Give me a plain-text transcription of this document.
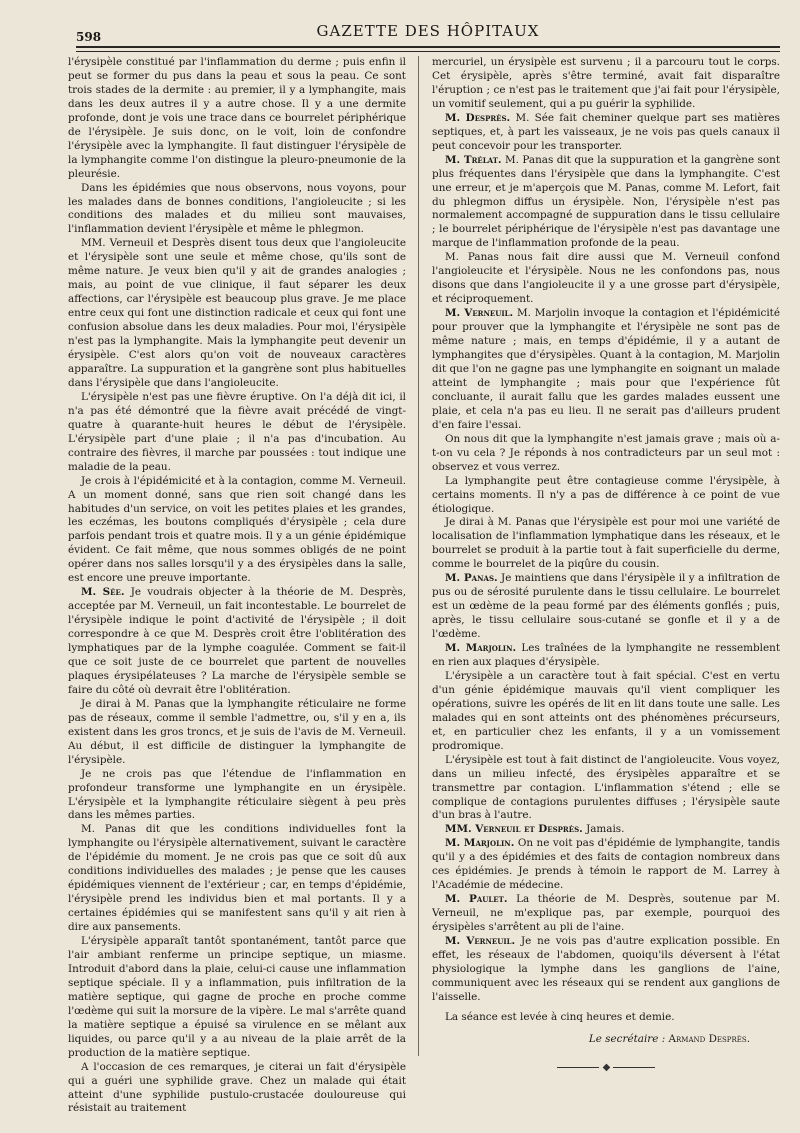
598	GAZETTE DES HÔPITAUX

l'érysipèle constitué par l'inflammation du derme ; puis enfin il peut se former du pus dans la peau et sous la peau. Ce sont trois stades de la dermite : au premier, il y a lymphangite, mais dans les deux autres il y a autre chose. Il y a une dermite profonde, dont je vois une trace dans ce bourrelet périphérique de l'érysipèle. Je suis donc, on le voit, loin de confondre l'érysipèle avec la lymphangite. Il faut distinguer l'érysipèle de la lymphangite comme l'on distingue la pleuro-pneumonie de la pleurésie.

Dans les épidémies que nous observons, nous voyons, pour les malades dans de bonnes conditions, l'angioleucite ; si les conditions des malades et du milieu sont mauvaises, l'inflammation devient l'érysipèle et même le phlegmon.

MM. Verneuil et Desprès disent tous deux que l'angioleucite et l'érysipèle sont une seule et même chose, qu'ils sont de même nature. Je veux bien qu'il y ait de grandes analogies ; mais, au point de vue clinique, il faut séparer les deux affections, car l'érysipèle est beaucoup plus grave. Je me place entre ceux qui font une distinction radicale et ceux qui font une confusion absolue dans les deux maladies. Pour moi, l'érysipèle n'est pas la lymphangite. Mais la lymphangite peut devenir un érysipèle. C'est alors qu'on voit de nouveaux caractères apparaître. La suppuration et la gangrène sont plus habituelles dans l'érysipèle que dans l'angioleucite.

L'érysipèle n'est pas une fièvre éruptive. On l'a déjà dit ici, il n'a pas été démontré que la fièvre avait précédé de vingt-quatre à quarante-huit heures le début de l'érysipèle. L'érysipèle part d'une plaie ; il n'a pas d'incubation. Au contraire des fièvres, il marche par poussées : tout indique une maladie de la peau.

Je crois à l'épidémicité et à la contagion, comme M. Verneuil. A un moment donné, sans que rien soit changé dans les habitudes d'un service, on voit les petites plaies et les grandes, les eczémas, les boutons compliqués d'érysipèle ; cela dure parfois pendant trois et quatre mois. Il y a un génie épidémique évident. Ce fait même, que nous sommes obligés de ne point opérer dans nos salles lorsqu'il y a des érysipèles dans la salle, est encore une preuve importante.

M. Sée. Je voudrais objecter à la théorie de M. Desprès, acceptée par M. Verneuil, un fait incontestable. Le bourrelet de l'érysipèle indique le point d'activité de l'érysipèle ; il doit correspondre à ce que M. Desprès croit être l'oblitération des lymphatiques par de la lymphe coagulée. Comment se fait-il que ce soit juste de ce bourrelet que partent de nouvelles plaques érysipélateuses ? La marche de l'érysipèle semble se faire du côté où devrait être l'oblitération.

Je dirai à M. Panas que la lymphangite réticulaire ne forme pas de réseaux, comme il semble l'admettre, ou, s'il y en a, ils existent dans les gros troncs, et je suis de l'avis de M. Verneuil. Au début, il est difficile de distinguer la lymphangite de l'érysipèle.

Je ne crois pas que l'étendue de l'inflammation en profondeur transforme une lymphangite en un érysipèle. L'érysipèle et la lymphangite réticulaire siègent à peu près dans les mêmes parties.

M. Panas dit que les conditions individuelles font la lymphangite ou l'érysipèle alternativement, suivant le caractère de l'épidémie du moment. Je ne crois pas que ce soit dû aux conditions individuelles des malades ; je pense que les causes épidémiques viennent de l'extérieur ; car, en temps d'épidémie, l'érysipèle prend les individus bien et mal portants. Il y a certaines épidémies qui se manifestent sans qu'il y ait rien à dire aux pansements.

L'érysipèle apparaît tantôt spontanément, tantôt parce que l'air ambiant renferme un principe septique, un miasme. Introduit d'abord dans la plaie, celui-ci cause une inflammation septique spéciale. Il y a inflammation, puis infiltration de la matière septique, qui gagne de proche en proche comme l'œdème qui suit la morsure de la vipère. Le mal s'arrête quand la matière septique a épuisé sa virulence en se mêlant aux liquides, ou parce qu'il y a au niveau de la plaie arrêt de la production de la matière septique.

A l'occasion de ces remarques, je citerai un fait d'érysipèle qui a guéri une syphilide grave. Chez un malade qui était atteint d'une syphilide pustulo-crustacée douloureuse qui résistait au traitement

mercuriel, un érysipèle est survenu ; il a parcouru tout le corps. Cet érysipèle, après s'être terminé, avait fait disparaître l'éruption ; ce n'est pas le traitement que j'ai fait pour l'érysipèle, un vomitif seulement, qui a pu guérir la syphilide.

M. Desprès. M. Sée fait cheminer quelque part ses matières septiques, et, à part les vaisseaux, je ne vois pas quels canaux il peut concevoir pour les transporter.

M. Trélat. M. Panas dit que la suppuration et la gangrène sont plus fréquentes dans l'érysipèle que dans la lymphangite. C'est une erreur, et je m'aperçois que M. Panas, comme M. Lefort, fait du phlegmon diffus un érysipèle. Non, l'érysipèle n'est pas normalement accompagné de suppuration dans le tissu cellulaire ; le bourrelet périphérique de l'érysipèle n'est pas davantage une marque de l'inflammation profonde de la peau.

M. Panas nous fait dire aussi que M. Verneuil confond l'angioleucite et l'érysipèle. Nous ne les confondons pas, nous disons que dans l'angioleucite il y a une grosse part d'érysipèle, et réciproquement.

M. Verneuil. M. Marjolin invoque la contagion et l'épidémicité pour prouver que la lymphangite et l'érysipèle ne sont pas de même nature ; mais, en temps d'épidémie, il y a autant de lymphangites que d'érysipèles. Quant à la contagion, M. Marjolin dit que l'on ne gagne pas une lymphangite en soignant un malade atteint de lymphangite ; mais pour que l'expérience fût concluante, il aurait fallu que les gardes malades eussent une plaie, et cela n'a pas eu lieu. Il ne serait pas d'ailleurs prudent d'en faire l'essai.

On nous dit que la lymphangite n'est jamais grave ; mais où a-t-on vu cela ? Je réponds à nos contradicteurs par un seul mot : observez et vous verrez.

La lymphangite peut être contagieuse comme l'érysipèle, à certains moments. Il n'y a pas de différence à ce point de vue étiologique.

Je dirai à M. Panas que l'érysipèle est pour moi une variété de localisation de l'inflammation lymphatique dans les réseaux, et le bourrelet se produit à la partie tout à fait superficielle du derme, comme le bourrelet de la piqûre du cousin.

M. Panas. Je maintiens que dans l'érysipèle il y a infiltration de pus ou de sérosité purulente dans le tissu cellulaire. Le bourrelet est un œdème de la peau formé par des éléments gonflés ; puis, après, le tissu cellulaire sous-cutané se gonfle et il y a de l'œdème.

M. Marjolin. Les traînées de la lymphangite ne ressemblent en rien aux plaques d'érysipèle.

L'érysipèle a un caractère tout à fait spécial. C'est en vertu d'un génie épidémique mauvais qu'il vient compliquer les opérations, suivre les opérés de lit en lit dans toute une salle. Les malades qui en sont atteints ont des phénomènes précurseurs, et, en particulier chez les enfants, il y a un vomissement prodromique.

L'érysipèle est tout à fait distinct de l'angioleucite. Vous voyez, dans un milieu infecté, des érysipèles apparaître et se transmettre par contagion. L'inflammation s'étend ; elle se complique de contagions purulentes diffuses ; l'érysipèle saute d'un bras à l'autre.

MM. Verneuil et Desprès. Jamais.

M. Marjolin. On ne voit pas d'épidémie de lymphangite, tandis qu'il y a des épidémies et des faits de contagion nombreux dans ces épidémies. Je prends à témoin le rapport de M. Larrey à l'Académie de médecine.

M. Paulet. La théorie de M. Desprès, soutenue par M. Verneuil, ne m'explique pas, par exemple, pourquoi des érysipèles s'arrêtent au pli de l'aine.

M. Verneuil. Je ne vois pas d'autre explication possible. En effet, les réseaux de l'abdomen, quoiqu'ils déversent à l'état physiologique la lymphe dans les ganglions de l'aine, communiquent avec les réseaux qui se rendent aux ganglions de l'aisselle.

La séance est levée à cinq heures et demie.

Le secrétaire : Armand Desprès.
◆
